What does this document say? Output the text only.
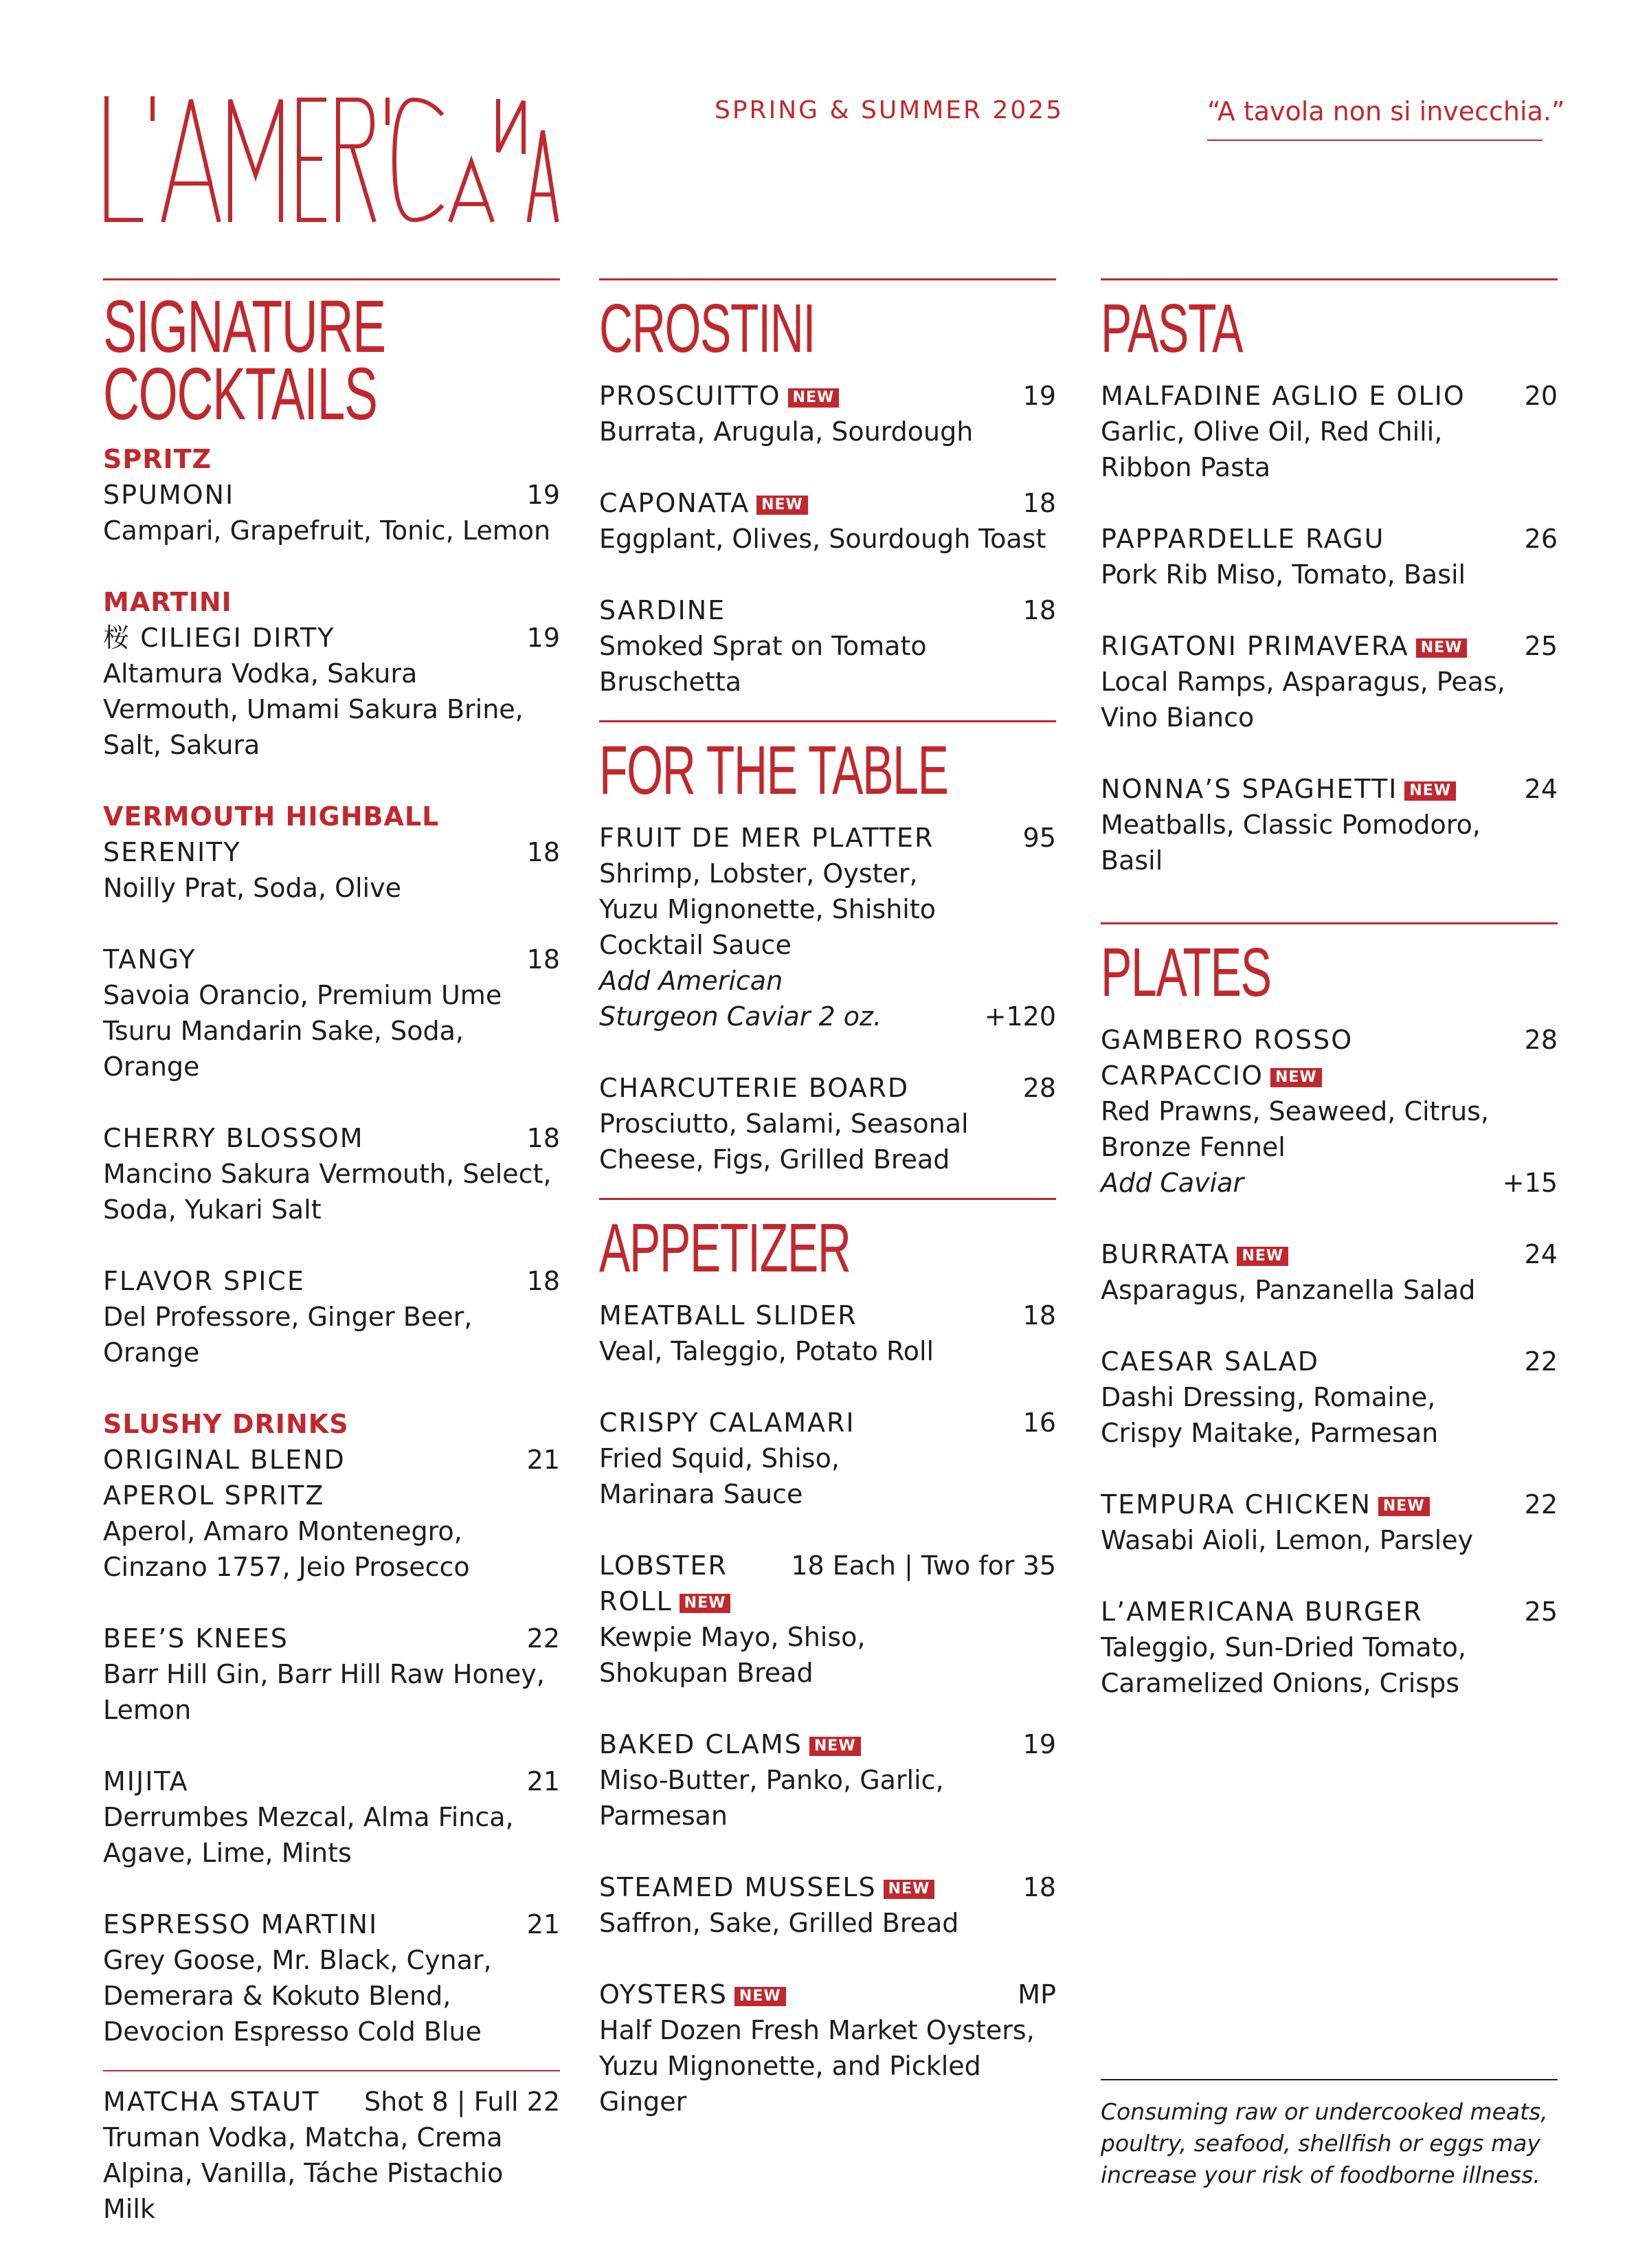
SPRING & SUMMER 2025	“A tavola non si invecchia.”
SIGNATURE
COCKTAILS
SPRITZ
SPUMONI	19
Campari, Grapefruit, Tonic, Lemon
MARTINI
桜 CILIEGI DIRTY	19
Altamura Vodka, Sakura Vermouth, Umami Sakura Brine, Salt, Sakura
VERMOUTH HIGHBALL
SERENITY	18
Noilly Prat, Soda, Olive
TANGY	18
Savoia Orancio, Premium Ume Tsuru Mandarin Sake, Soda, Orange
CHERRY BLOSSOM	18
Mancino Sakura Vermouth, Select, Soda, Yukari Salt
FLAVOR SPICE	18
Del Professore, Ginger Beer, Orange
SLUSHY DRINKS
ORIGINAL BLEND APEROL SPRITZ
21
Aperol, Amaro Montenegro, Cinzano 1757, Jeio Prosecco
BEE’S KNEES	22
Barr Hill Gin, Barr Hill Raw Honey, Lemon
MIJITA	21
Derrumbes Mezcal, Alma Finca, Agave, Lime, Mints
ESPRESSO MARTINI	21
Grey Goose, Mr. Black, Cynar, Demerara & Kokuto Blend, Devocion Espresso Cold Blue
MATCHA STAUT Shot 8 | Full 22
Truman Vodka, Matcha, Crema Alpina, Vanilla, Táche Pistachio Milk
CROSTINI
PROSCUITTO NEW	19
Burrata, Arugula, Sourdough
CAPONATA NEW	18
Eggplant, Olives, Sourdough Toast
SARDINE	18
Smoked Sprat on Tomato Bruschetta
FOR THE TABLE
FRUIT DE MER PLATTER	95
Shrimp, Lobster, Oyster, Yuzu Mignonette, Shishito Cocktail Sauce
Add American
Sturgeon Caviar 2 oz.	+120
CHARCUTERIE BOARD	28
Prosciutto, Salami, Seasonal Cheese, Figs, Grilled Bread
APPETIZER
MEATBALL SLIDER	18
Veal, Taleggio, Potato Roll
CRISPY CALAMARI	16
Fried Squid, Shiso, Marinara Sauce
LOBSTER ROLL NEW
18 Each | Two for 35
Kewpie Mayo, Shiso, Shokupan Bread
BAKED CLAMS NEW	19
Miso-Butter, Panko, Garlic, Parmesan
STEAMED MUSSELS NEW	18
Saffron, Sake, Grilled Bread
OYSTERS NEW	MP
Half Dozen Fresh Market Oysters, Yuzu Mignonette, and Pickled Ginger
PASTA
MALFADINE AGLIO E OLIO 20
Garlic, Olive Oil, Red Chili, Ribbon Pasta
PAPPARDELLE RAGU	26
Pork Rib Miso, Tomato, Basil
RIGATONI PRIMAVERA NEW 25
Local Ramps, Asparagus, Peas, Vino Bianco
NONNA’S SPAGHETTI NEW	24
Meatballs, Classic Pomodoro, Basil
PLATES
GAMBERO ROSSO CARPACCIO NEW
28
Red Prawns, Seaweed, Citrus, Bronze Fennel
Add Caviar	+15
BURRATA NEW	24
Asparagus, Panzanella Salad
CAESAR SALAD	22
Dashi Dressing, Romaine, Crispy Maitake, Parmesan
TEMPURA CHICKEN NEW	22
Wasabi Aioli, Lemon, Parsley
L’AMERICANA BURGER	25
Taleggio, Sun-Dried Tomato, Caramelized Onions, Crisps
Consuming raw or undercooked meats, poultry, seafood, shellfish or eggs may increase your risk of foodborne illness.
